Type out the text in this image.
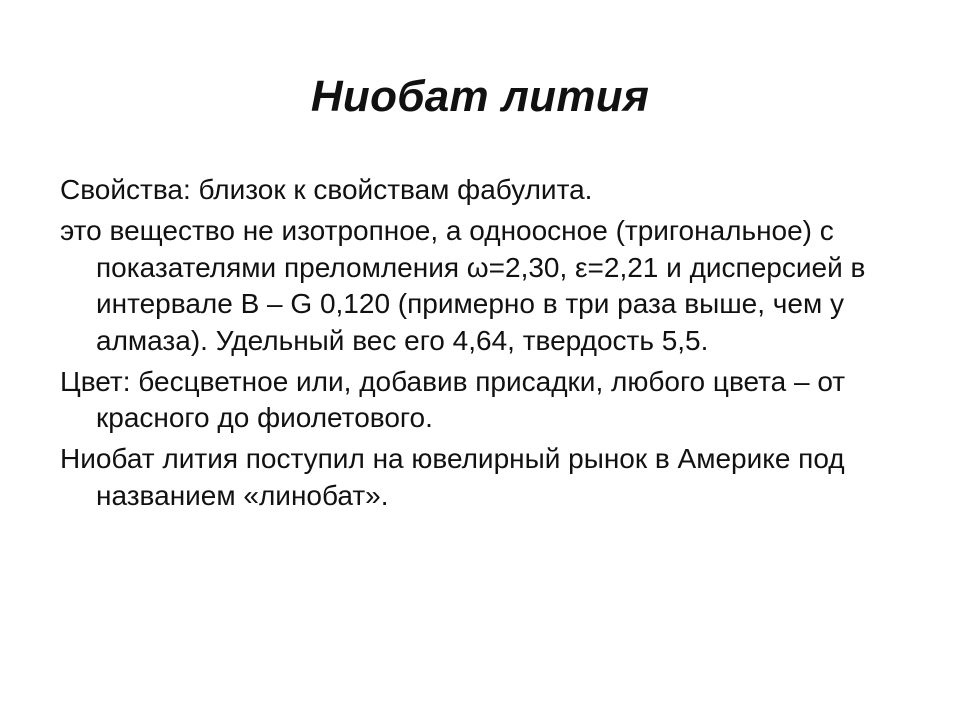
Ниобат лития
Свойства: близок к свойствам фабулита.
это вещество не изотропное, а одноосное (тригональное) с показателями преломления ω=2,30, ε=2,21 и дисперсией в интервале В – G 0,120 (примерно в три раза выше, чем у алмаза). Удельный вес его 4,64, твердость 5,5.
Цвет: бесцветное или, добавив присадки, любого цвета – от красного до фиолетового.
Ниобат лития поступил на ювелирный рынок в Америке под названием «линобат».
